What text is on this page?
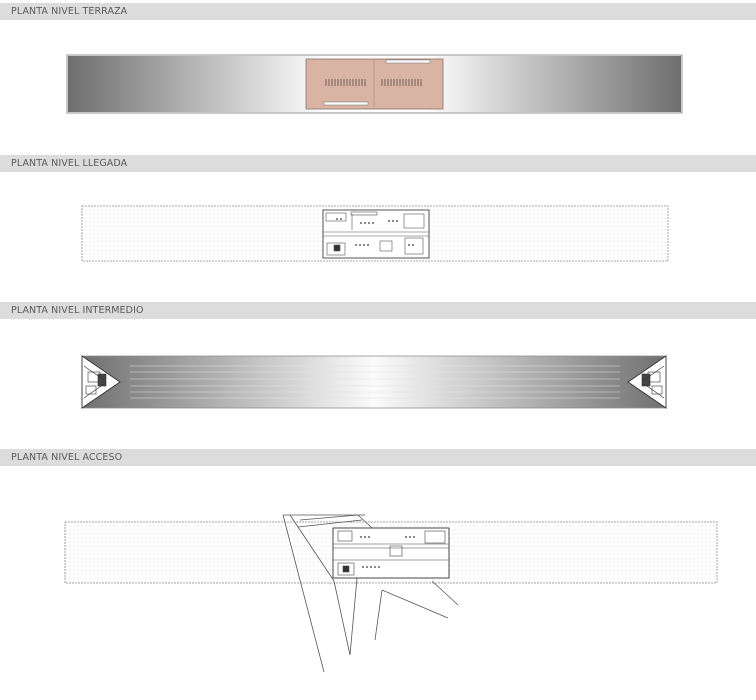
PLANTA NIVEL TERRAZA
PLANTA NIVEL LLEGADA
PLANTA NIVEL INTERMEDIO
PLANTA NIVEL ACCESO
